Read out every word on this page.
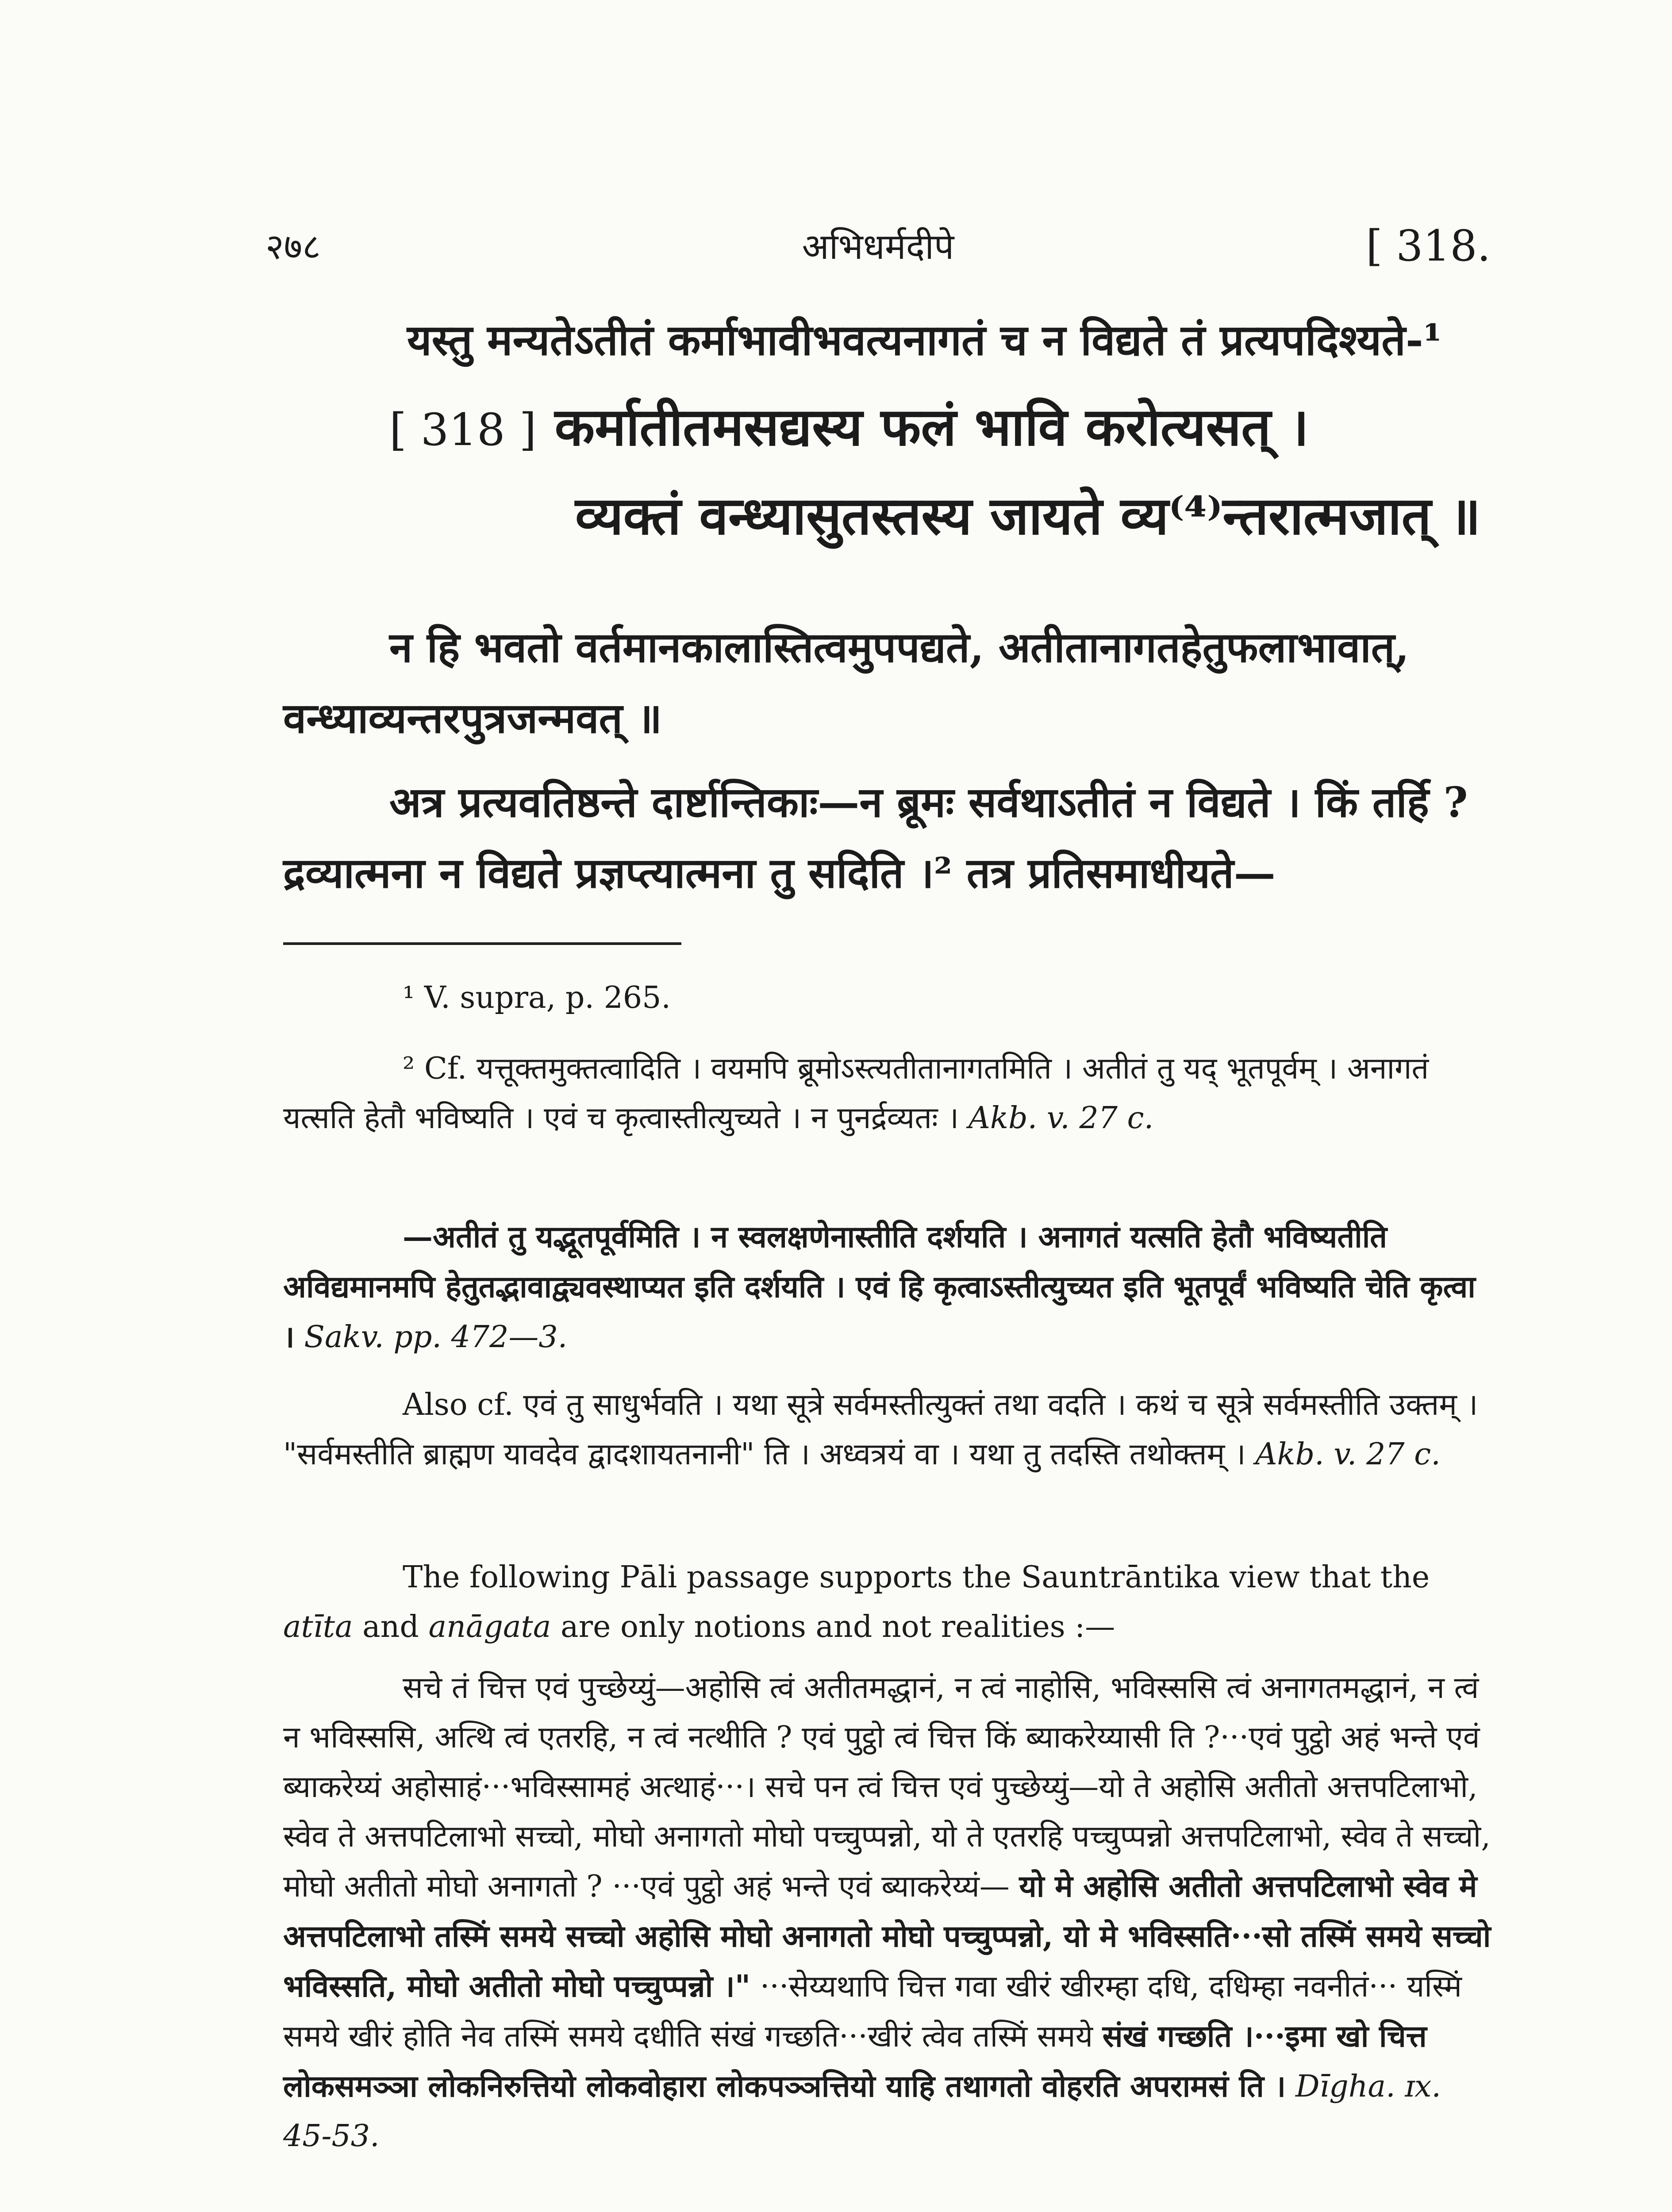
२७८	अभिधर्मदीपे	[ 318.
यस्तु मन्यतेऽतीतं कर्माभावीभवत्यनागतं च न विद्यते तं प्रत्यपदिश्यते-¹
[ 318 ] कर्मातीतमसद्यस्य फलं भावि करोत्यसत् ।
व्यक्तं वन्ध्यासुतस्तस्य जायते व्य⁽⁴⁾न्तरात्मजात् ॥

न हि भवतो वर्तमानकालास्तित्वमुपपद्यते, अतीतानागतहेतुफलाभावात्, वन्ध्याव्यन्तरपुत्रजन्मवत् ॥

अत्र प्रत्यवतिष्ठन्ते दार्ष्टान्तिकाः—न ब्रूमः सर्वथाऽतीतं न विद्यते । किं तर्हि ? द्रव्यात्मना न विद्यते प्रज्ञप्त्यात्मना तु सदिति ।² तत्र प्रतिसमाधीयते—

¹ V. supra, p. 265.
² Cf. यत्तूक्तमुक्तत्वादिति । वयमपि ब्रूमोऽस्त्यतीतानागतमिति । अतीतं तु यद् भूतपूर्वम् । अनागतं यत्सति हेतौ भविष्यति । एवं च कृत्वास्तीत्युच्यते । न पुनर्द्रव्यतः । Akb. v. 27 c.
—अतीतं तु यद्भूतपूर्वमिति । न स्वलक्षणेनास्तीति दर्शयति । अनागतं यत्सति हेतौ भविष्यतीति अविद्यमानमपि हेतुतद्भावाद्व्यवस्थाप्यत इति दर्शयति । एवं हि कृत्वाऽस्तीत्युच्यत इति भूतपूर्वं भविष्यति चेति कृत्वा । Sakv. pp. 472—3.
Also cf. एवं तु साधुर्भवति । यथा सूत्रे सर्वमस्तीत्युक्तं तथा वदति । कथं च सूत्रे सर्वमस्तीति उक्तम् । "सर्वमस्तीति ब्राह्मण यावदेव द्वादशायतनानी" ति । अध्वत्रयं वा । यथा तु तदस्ति तथोक्तम् । Akb. v. 27 c.
The following Pāli passage supports the Sauntrāntika view that the atīta and anāgata are only notions and not realities :—
सचे तं चित्त एवं पुच्छेय्युं—अहोसि त्वं अतीतमद्धानं, न त्वं नाहोसि, भविस्ससि त्वं अनागतमद्धानं, न त्वं न भविस्ससि, अत्थि त्वं एतरहि, न त्वं नत्थीति ? एवं पुट्ठो त्वं चित्त किं ब्याकरेय्यासी ति ?···एवं पुट्ठो अहं भन्ते एवं ब्याकरेय्यं अहोसाहं···भविस्सामहं अत्थाहं···। सचे पन त्वं चित्त एवं पुच्छेय्युं—यो ते अहोसि अतीतो अत्तपटिलाभो, स्वेव ते अत्तपटिलाभो सच्चो, मोघो अनागतो मोघो पच्चुप्पन्नो, यो ते एतरहि पच्चुप्पन्नो अत्तपटिलाभो, स्वेव ते सच्चो, मोघो अतीतो मोघो अनागतो ? ···एवं पुट्ठो अहं भन्ते एवं ब्याकरेय्यं— यो मे अहोसि अतीतो अत्तपटिलाभो स्वेव मे अत्तपटिलाभो तस्मिं समये सच्चो अहोसि मोघो अनागतो मोघो पच्चुप्पन्नो, यो मे भविस्सति···सो तस्मिं समये सच्चो भविस्सति, मोघो अतीतो मोघो पच्चुप्पन्नो ।" ···सेय्यथापि चित्त गवा खीरं खीरम्हा दधि, दधिम्हा नवनीतं··· यस्मिं समये खीरं होति नेव तस्मिं समये दधीति संखं गच्छति···खीरं त्वेव तस्मिं समये संखं गच्छति ।···इमा खो चित्त लोकसमञ्ञा लोकनिरुत्तियो लोकवोहारा लोकपञ्ञत्तियो याहि तथागतो वोहरति अपरामसं ति । Dīgha. ɪx. 45-53.
